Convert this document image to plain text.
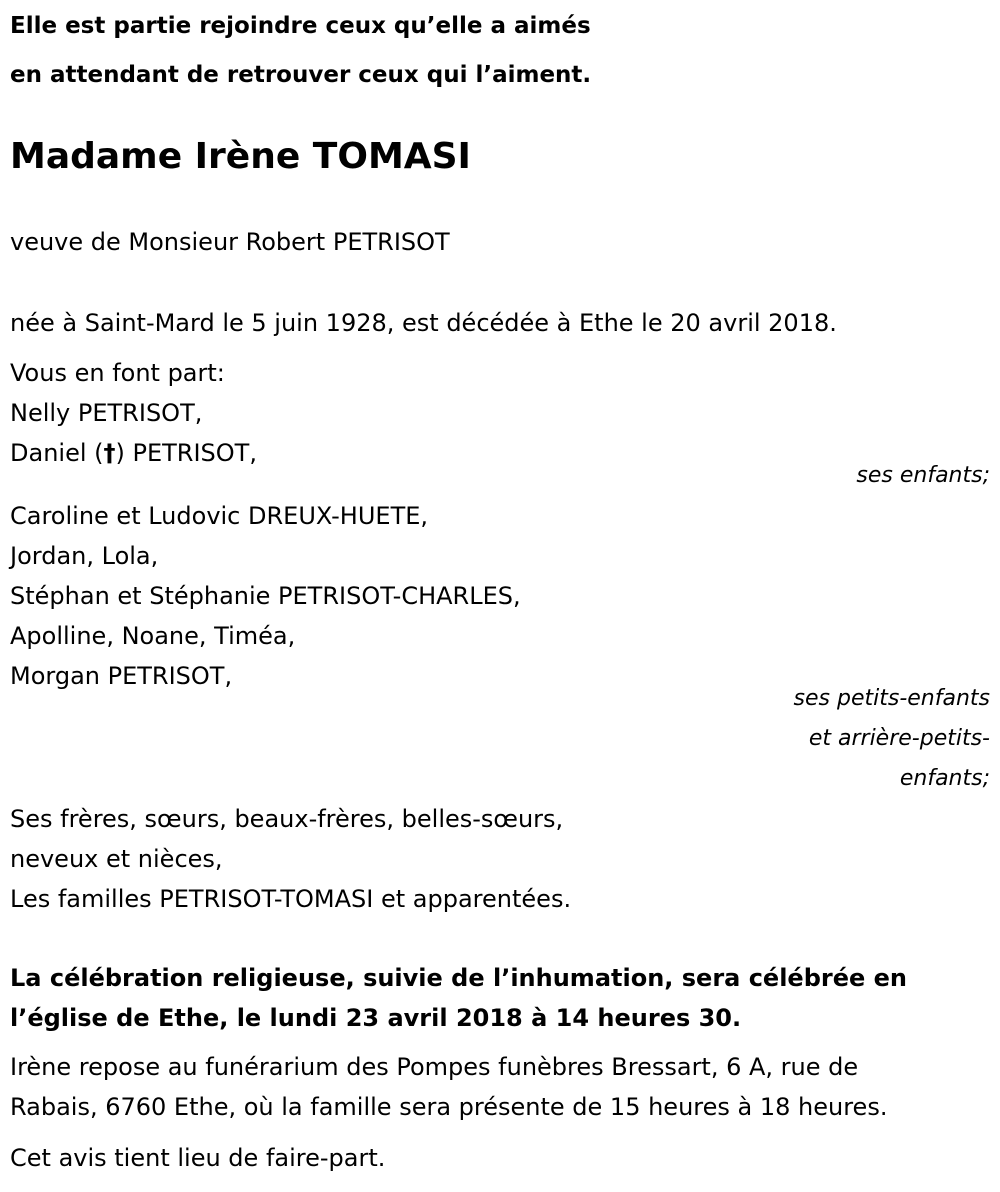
Elle est partie rejoindre ceux qu’elle a aimés
en attendant de retrouver ceux qui l’aiment.
Madame Irène TOMASI
veuve de Monsieur Robert PETRISOT
née à Saint-Mard le 5 juin 1928, est décédée à Ethe le 20 avril 2018.
Vous en font part:
Nelly PETRISOT,
Daniel (†) PETRISOT,
ses enfants;
Caroline et Ludovic DREUX-HUETE,
Jordan, Lola,
Stéphan et Stéphanie PETRISOT-CHARLES,
Apolline, Noane, Timéa,
Morgan PETRISOT,
ses petits-enfants
et arrière-petits-
enfants;
Ses frères, sœurs, beaux-frères, belles-sœurs,
neveux et nièces,
Les familles PETRISOT-TOMASI et apparentées.
La célébration religieuse, suivie de l’inhumation, sera célébrée en
l’église de Ethe, le lundi 23 avril 2018 à 14 heures 30.
Irène repose au funérarium des Pompes funèbres Bressart, 6 A, rue de
Rabais, 6760 Ethe, où la famille sera présente de 15 heures à 18 heures.
Cet avis tient lieu de faire-part.
